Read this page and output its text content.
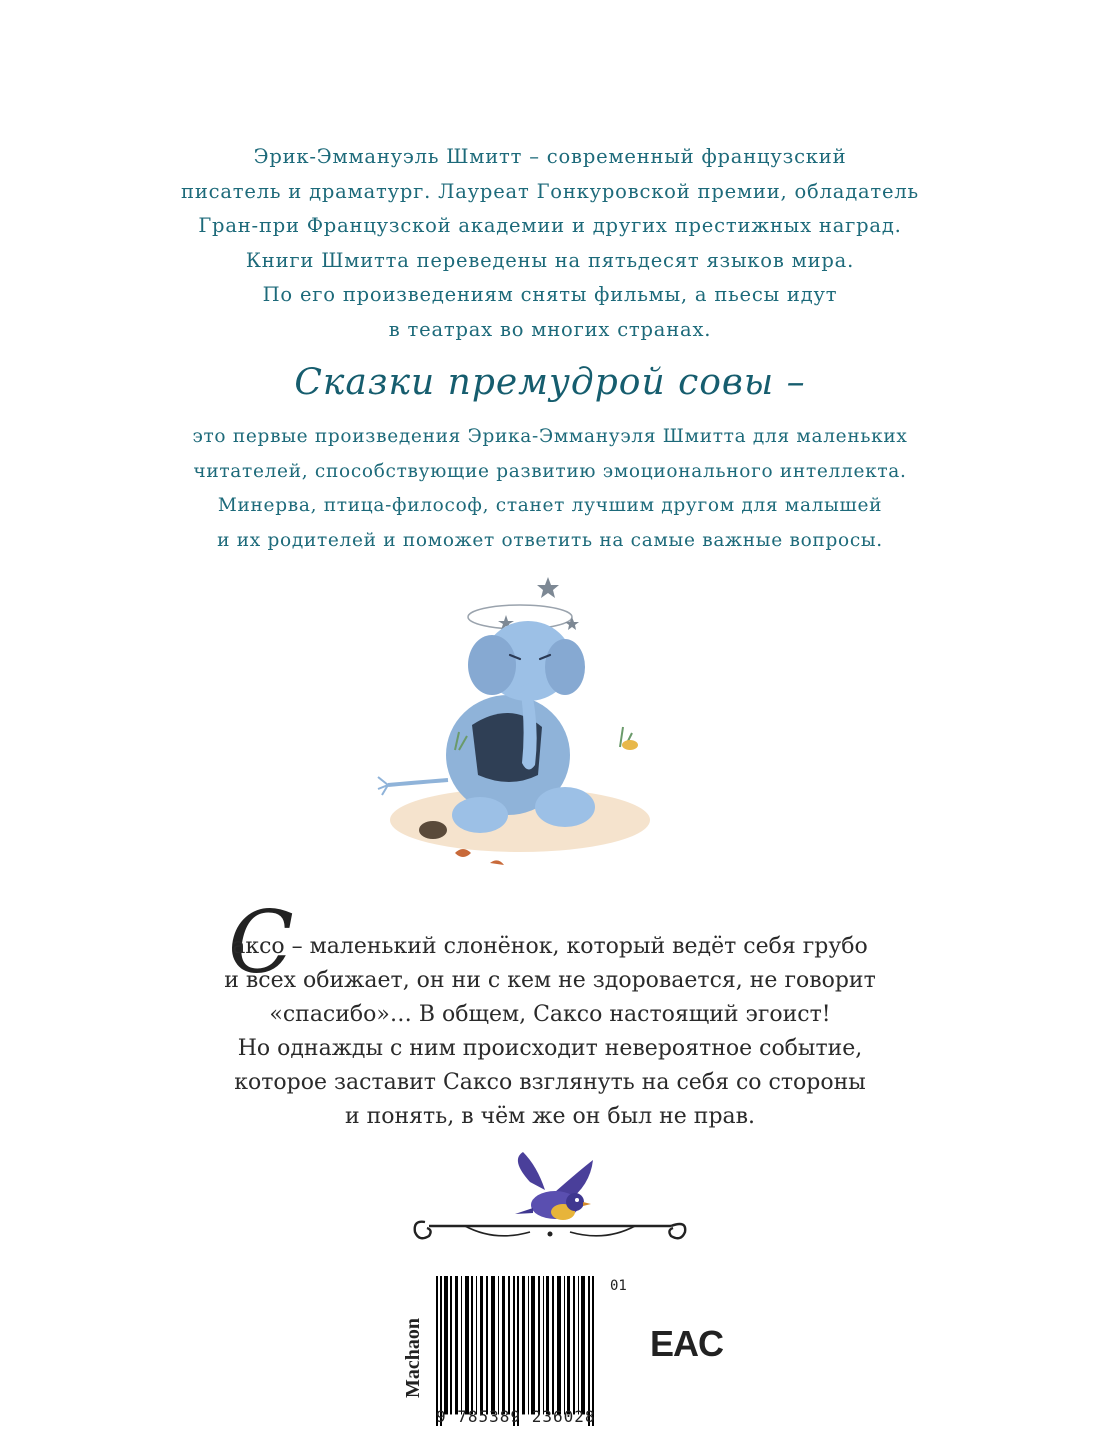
Эрик-Эммануэль Шмитт – современный французский

писатель и драматург. Лауреат Гонкуровской премии, обладатель

Гран-при Французской академии и других престижных наград.

Книги Шмитта переведены на пятьдесят языков мира.

По его произведениям сняты фильмы, а пьесы идут

в театрах во многих странах.

Сказки премудрой совы –

это первые произведения Эрика-Эммануэля Шмитта для маленьких

читателей, способствующие развитию эмоционального интеллекта.

Минерва, птица-философ, станет лучшим другом для малышей

и их родителей и поможет ответить на самые важные вопросы.

С

аксо – маленький слонёнок, который ведёт себя грубо

и всех обижает, он ни с кем не здоровается, не говорит

«спасибо»… В общем, Саксо настоящий эгоист!

Но однажды с ним происходит невероятное событие,

которое заставит Саксо взглянуть на себя со стороны

и понять, в чём же он был не прав.

Machaon
9 785389 236028
01
EAC
